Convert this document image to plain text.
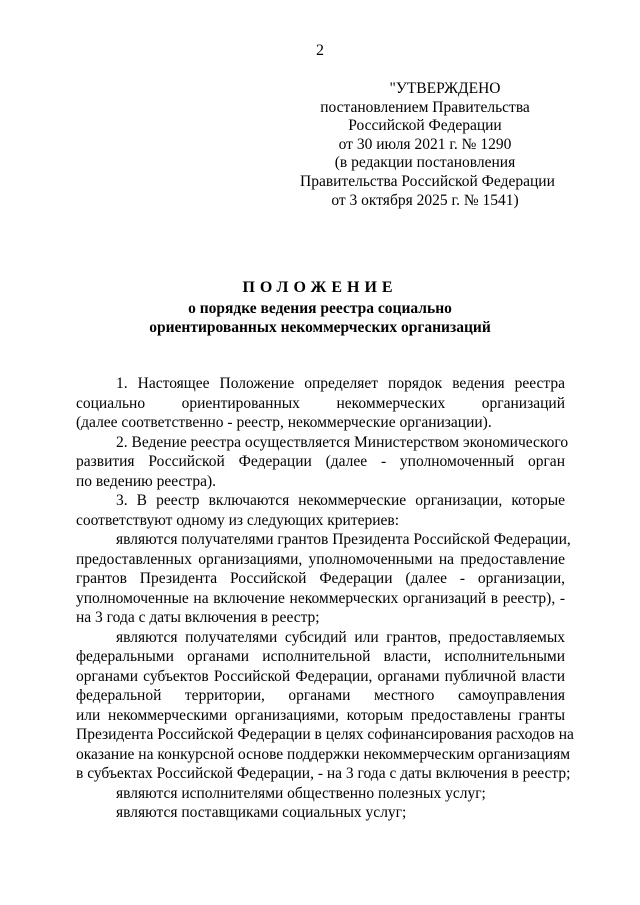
2
"УТВЕРЖДЕНО
постановлением Правительства
Российской Федерации
от 30 июля 2021 г. № 1290
(в редакции постановления
Правительства Российской Федерации
от 3 октября 2025 г. № 1541)
ПОЛОЖЕНИЕ
о порядке ведения реестра социально
ориентированных некоммерческих организаций
1. Настоящее Положение определяет порядок ведения реестра
социально ориентированных некоммерческих организаций
(далее соответственно - реестр, некоммерческие организации).
2. Ведение реестра осуществляется Министерством экономического
развития Российской Федерации (далее - уполномоченный орган
по ведению реестра).
3. В реестр включаются некоммерческие организации, которые
соответствуют одному из следующих критериев:
являются получателями грантов Президента Российской Федерации,
предоставленных организациями, уполномоченными на предоставление
грантов Президента Российской Федерации (далее - организации,
уполномоченные на включение некоммерческих организаций в реестр), -
на 3 года с даты включения в реестр;
являются получателями субсидий или грантов, предоставляемых
федеральными органами исполнительной власти, исполнительными
органами субъектов Российской Федерации, органами публичной власти
федеральной территории, органами местного самоуправления
или некоммерческими организациями, которым предоставлены гранты
Президента Российской Федерации в целях софинансирования расходов на
оказание на конкурсной основе поддержки некоммерческим организациям
в субъектах Российской Федерации, - на 3 года с даты включения в реестр;
являются исполнителями общественно полезных услуг;
являются поставщиками социальных услуг;
